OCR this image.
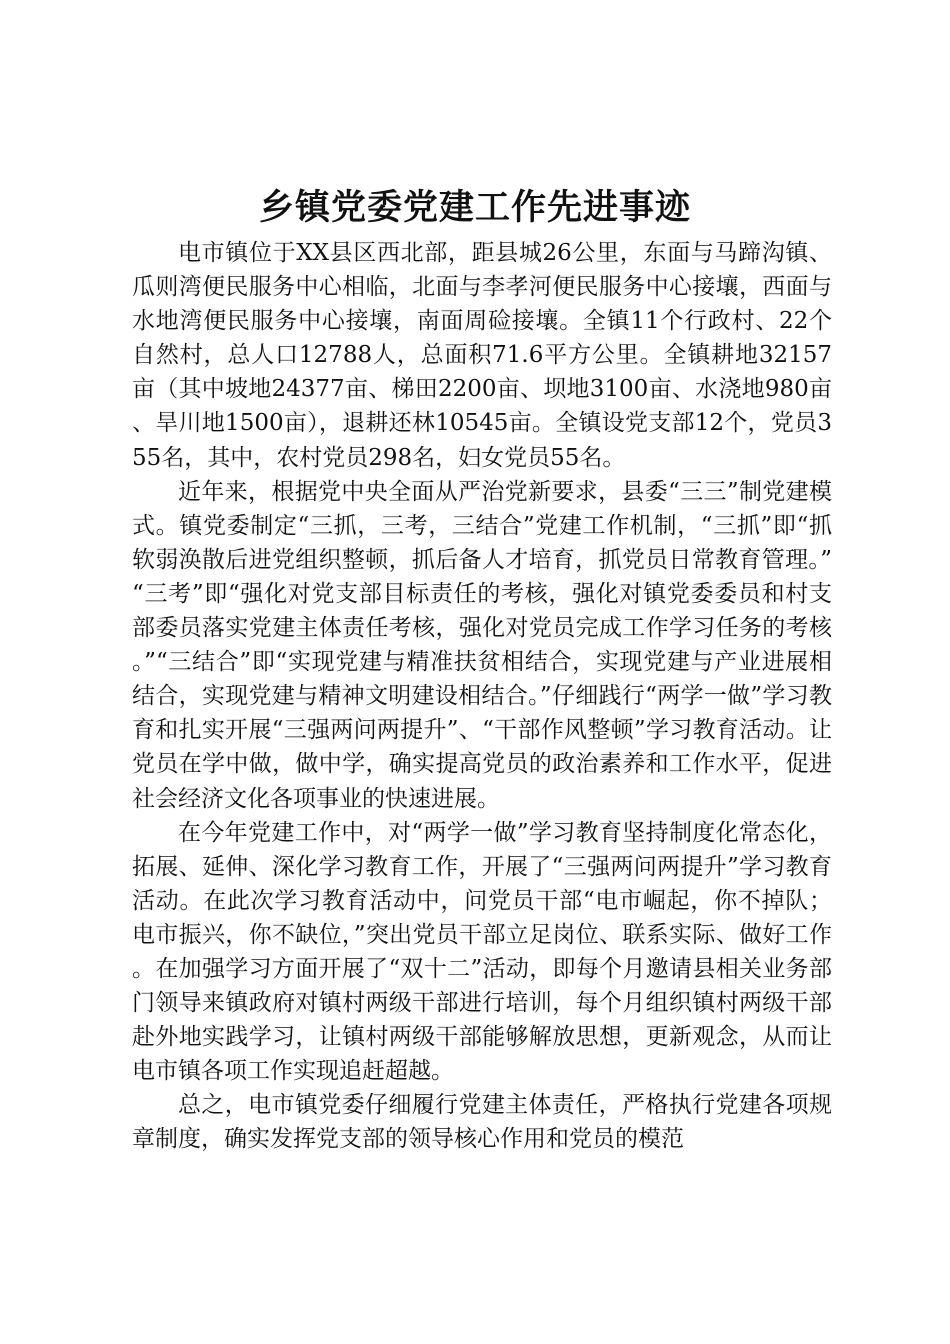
乡镇党委党建工作先进事迹

电市镇位于XX县区西北部，距县城26公里，东面与马蹄沟镇、瓜则湾便民服务中心相临，北面与李孝河便民服务中心接壤，西面与水地湾便民服务中心接壤，南面周硷接壤。全镇11个行政村、22个自然村，总人口12788人，总面积71.6平方公里。全镇耕地32157亩（其中坡地24377亩、梯田2200亩、坝地3100亩、水浇地980亩、旱川地1500亩），退耕还林10545亩。全镇设党支部12个，党员355名，其中，农村党员298名，妇女党员55名。

近年来，根据党中央全面从严治党新要求，县委“三三”制党建模式。镇党委制定“三抓，三考，三结合”党建工作机制，“三抓”即“抓软弱涣散后进党组织整顿，抓后备人才培育，抓党员日常教育管理。”“三考”即“强化对党支部目标责任的考核，强化对镇党委委员和村支部委员落实党建主体责任考核，强化对党员完成工作学习任务的考核。”“三结合”即“实现党建与精准扶贫相结合，实现党建与产业进展相结合，实现党建与精神文明建设相结合。”仔细践行“两学一做”学习教育和扎实开展“三强两问两提升”、“干部作风整顿”学习教育活动。让党员在学中做，做中学，确实提高党员的政治素养和工作水平，促进社会经济文化各项事业的快速进展。

在今年党建工作中，对“两学一做”学习教育坚持制度化常态化，拓展、延伸、深化学习教育工作，开展了“三强两问两提升”学习教育活动。在此次学习教育活动中，问党员干部“电市崛起，你不掉队；电市振兴，你不缺位，”突出党员干部立足岗位、联系实际、做好工作。在加强学习方面开展了“双十二”活动，即每个月邀请县相关业务部门领导来镇政府对镇村两级干部进行培训，每个月组织镇村两级干部赴外地实践学习，让镇村两级干部能够解放思想，更新观念，从而让电市镇各项工作实现追赶超越。

总之，电市镇党委仔细履行党建主体责任，严格执行党建各项规章制度，确实发挥党支部的领导核心作用和党员的模范
